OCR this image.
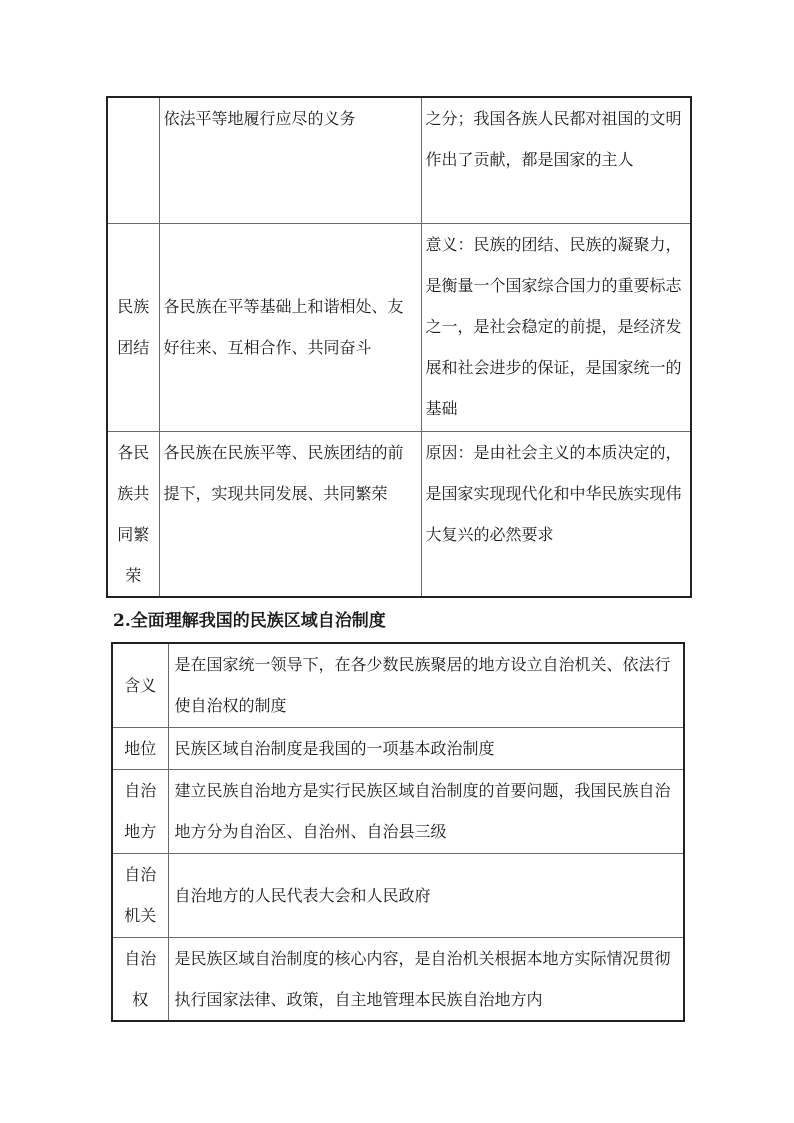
	依法平等地履行应尽的义务	之分；我国各族人民都对祖国的文明作出了贡献，都是国家的主人
民族团结	各民族在平等基础上和谐相处、友好往来、互相合作、共同奋斗	意义：民族的团结、民族的凝聚力，是衡量一个国家综合国力的重要标志之一，是社会稳定的前提，是经济发展和社会进步的保证，是国家统一的基础
各民族共同繁荣	各民族在民族平等、民族团结的前提下，实现共同发展、共同繁荣	原因：是由社会主义的本质决定的，是国家实现现代化和中华民族实现伟大复兴的必然要求
2.全面理解我国的民族区域自治制度
含义	是在国家统一领导下，在各少数民族聚居的地方设立自治机关、依法行使自治权的制度
地位	民族区域自治制度是我国的一项基本政治制度
自治地方	建立民族自治地方是实行民族区域自治制度的首要问题，我国民族自治地方分为自治区、自治州、自治县三级
自治机关	自治地方的人民代表大会和人民政府
自治权	是民族区域自治制度的核心内容，是自治机关根据本地方实际情况贯彻执行国家法律、政策，自主地管理本民族自治地方内
